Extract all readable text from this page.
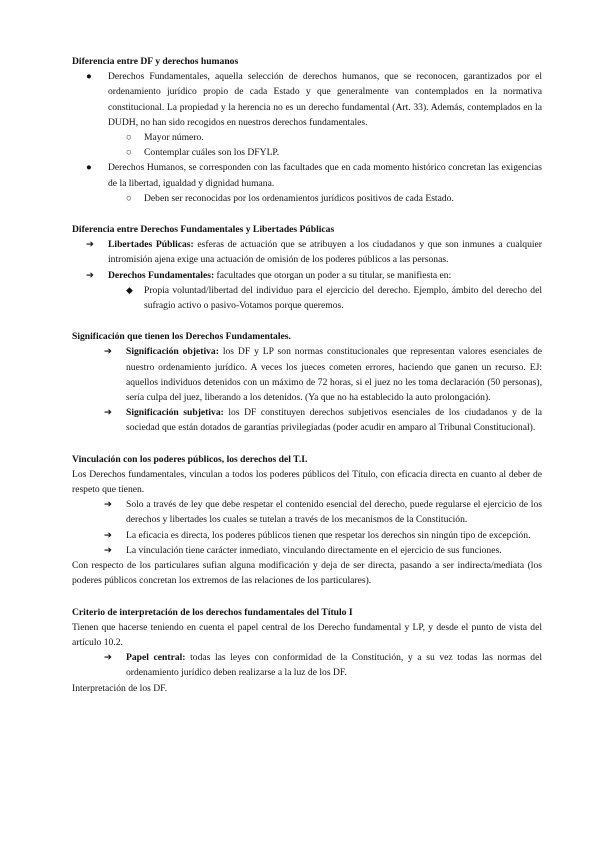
Diferencia entre DF y derechos humanos

● Derechos Fundamentales, aquella selección de derechos humanos, que se reconocen, garantizados por el ordenamiento jurídico propio de cada Estado y que generalmente van contemplados en la normativa constitucional. La propiedad y la herencia no es un derecho fundamental (Art. 33). Además, contemplados en la DUDH, no han sido recogidos en nuestros derechos fundamentales.
○ Mayor número.
○ Contemplar cuáles son los DFYLP.
● Derechos Humanos, se corresponden con las facultades que en cada momento histórico concretan las exigencias de la libertad, igualdad y dignidad humana.
○ Deben ser reconocidas por los ordenamientos jurídicos positivos de cada Estado.

Diferencia entre Derechos Fundamentales y Libertades Públicas

➔ Libertades Públicas: esferas de actuación que se atribuyen a los ciudadanos y que son inmunes a cualquier intromisión ajena exige una actuación de omisión de los poderes públicos a las personas.
➔ Derechos Fundamentales: facultades que otorgan un poder a su titular, se manifiesta en:
◆ Propia voluntad/libertad del individuo para el ejercicio del derecho. Ejemplo, ámbito del derecho del sufragio activo o pasivo-Votamos porque queremos.

Significación que tienen los Derechos Fundamentales.

➔ Significación objetiva: los DF y LP son normas constitucionales que representan valores esenciales de nuestro ordenamiento jurídico. A veces los jueces cometen errores, haciendo que ganen un recurso. EJ: aquellos individuos detenidos con un máximo de 72 horas, si el juez no les toma declaración (50 personas), sería culpa del juez, liberando a los detenidos. (Ya que no ha establecido la auto prolongación).
➔ Significación subjetiva: los DF constituyen derechos subjetivos esenciales de los ciudadanos y de la sociedad que están dotados de garantías privilegiadas (poder acudir en amparo al Tribunal Constitucional).

Vinculación con los poderes públicos, los derechos del T.I.

Los Derechos fundamentales, vinculan a todos los poderes públicos del Título, con eficacia directa en cuanto al deber de respeto que tienen.

➔ Solo a través de ley que debe respetar el contenido esencial del derecho, puede regularse el ejercicio de los derechos y libertades los cuales se tutelan a través de los mecanismos de la Constitución.
➔ La eficacia es directa, los poderes públicos tienen que respetar los derechos sin ningún tipo de excepción.
➔ La vinculación tiene carácter inmediato, vinculando directamente en el ejercicio de sus funciones.

Con respecto de los particulares sufian alguna modificación y deja de ser directa, pasando a ser indirecta/mediata (los poderes públicos concretan los extremos de las relaciones de los particulares).

Criterio de interpretación de los derechos fundamentales del Título I

Tienen que hacerse teniendo en cuenta el papel central de los Derecho fundamental y LP, y desde el punto de vista del artículo 10.2.

➔ Papel central: todas las leyes con conformidad de la Constitución, y a su vez todas las normas del ordenamiento jurídico deben realizarse a la luz de los DF.

Interpretación de los DF.
